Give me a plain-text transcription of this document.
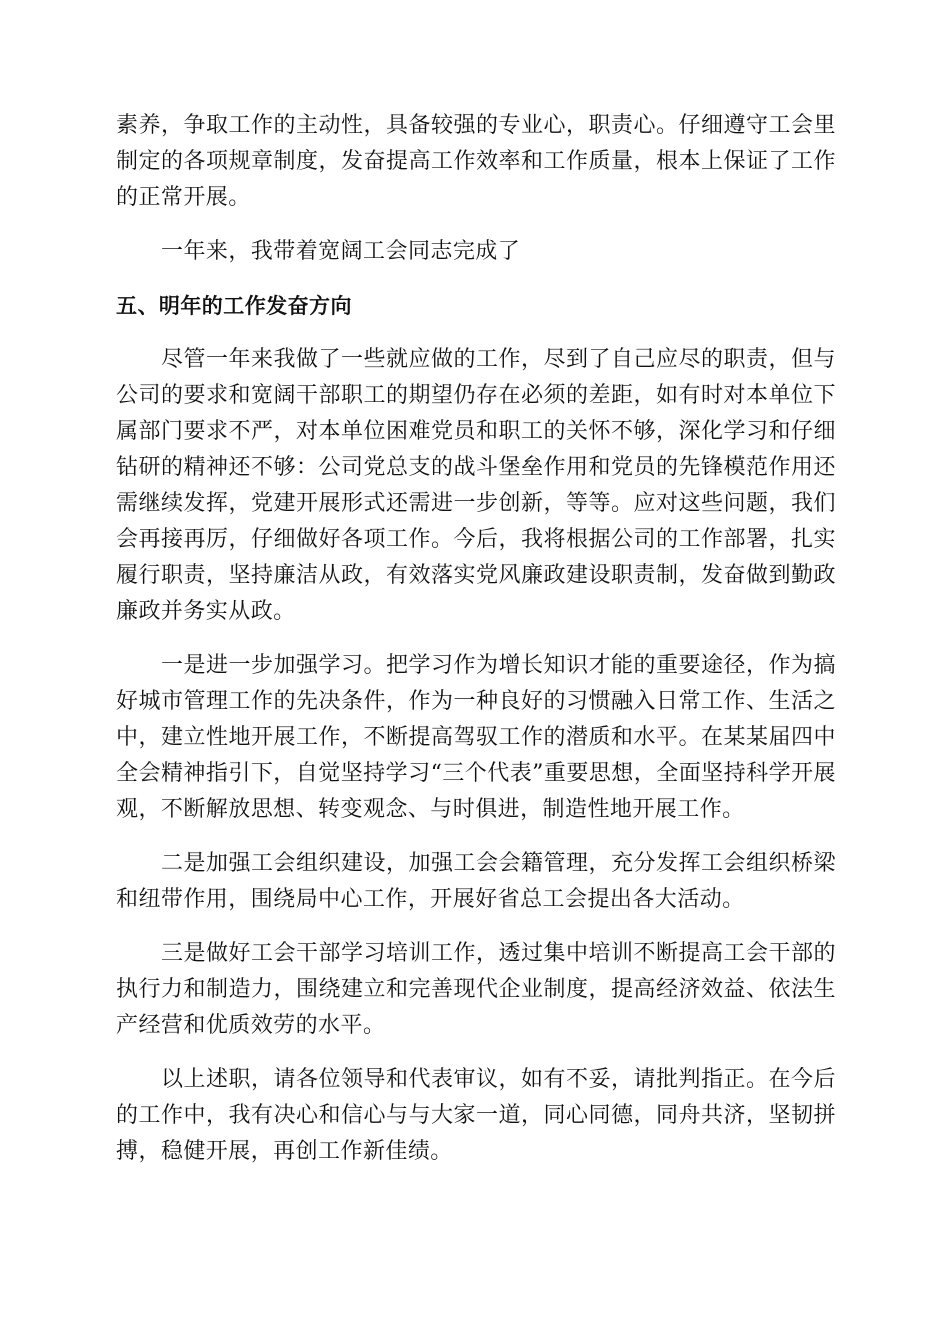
素养，争取工作的主动性，具备较强的专业心，职责心。仔细遵守工会里制定的各项规章制度，发奋提高工作效率和工作质量，根本上保证了工作的正常开展。

一年来，我带着宽阔工会同志完成了

五、明年的工作发奋方向

尽管一年来我做了一些就应做的工作，尽到了自己应尽的职责，但与公司的要求和宽阔干部职工的期望仍存在必须的差距，如有时对本单位下属部门要求不严，对本单位困难党员和职工的关怀不够，深化学习和仔细钻研的精神还不够：公司党总支的战斗堡垒作用和党员的先锋模范作用还需继续发挥，党建开展形式还需进一步创新，等等。应对这些问题，我们会再接再厉，仔细做好各项工作。今后，我将根据公司的工作部署，扎实履行职责，坚持廉洁从政，有效落实党风廉政建设职责制，发奋做到勤政廉政并务实从政。

一是进一步加强学习。把学习作为增长知识才能的重要途径，作为搞好城市管理工作的先决条件，作为一种良好的习惯融入日常工作、生活之中，建立性地开展工作，不断提高驾驭工作的潜质和水平。在某某届四中全会精神指引下，自觉坚持学习“三个代表”重要思想，全面坚持科学开展观，不断解放思想、转变观念、与时俱进，制造性地开展工作。

二是加强工会组织建设，加强工会会籍管理，充分发挥工会组织桥梁和纽带作用，围绕局中心工作，开展好省总工会提出各大活动。

三是做好工会干部学习培训工作，透过集中培训不断提高工会干部的执行力和制造力，围绕建立和完善现代企业制度，提高经济效益、依法生产经营和优质效劳的水平。

以上述职，请各位领导和代表审议，如有不妥，请批判指正。在今后的工作中，我有决心和信心与与大家一道，同心同德，同舟共济，坚韧拼搏，稳健开展，再创工作新佳绩。
